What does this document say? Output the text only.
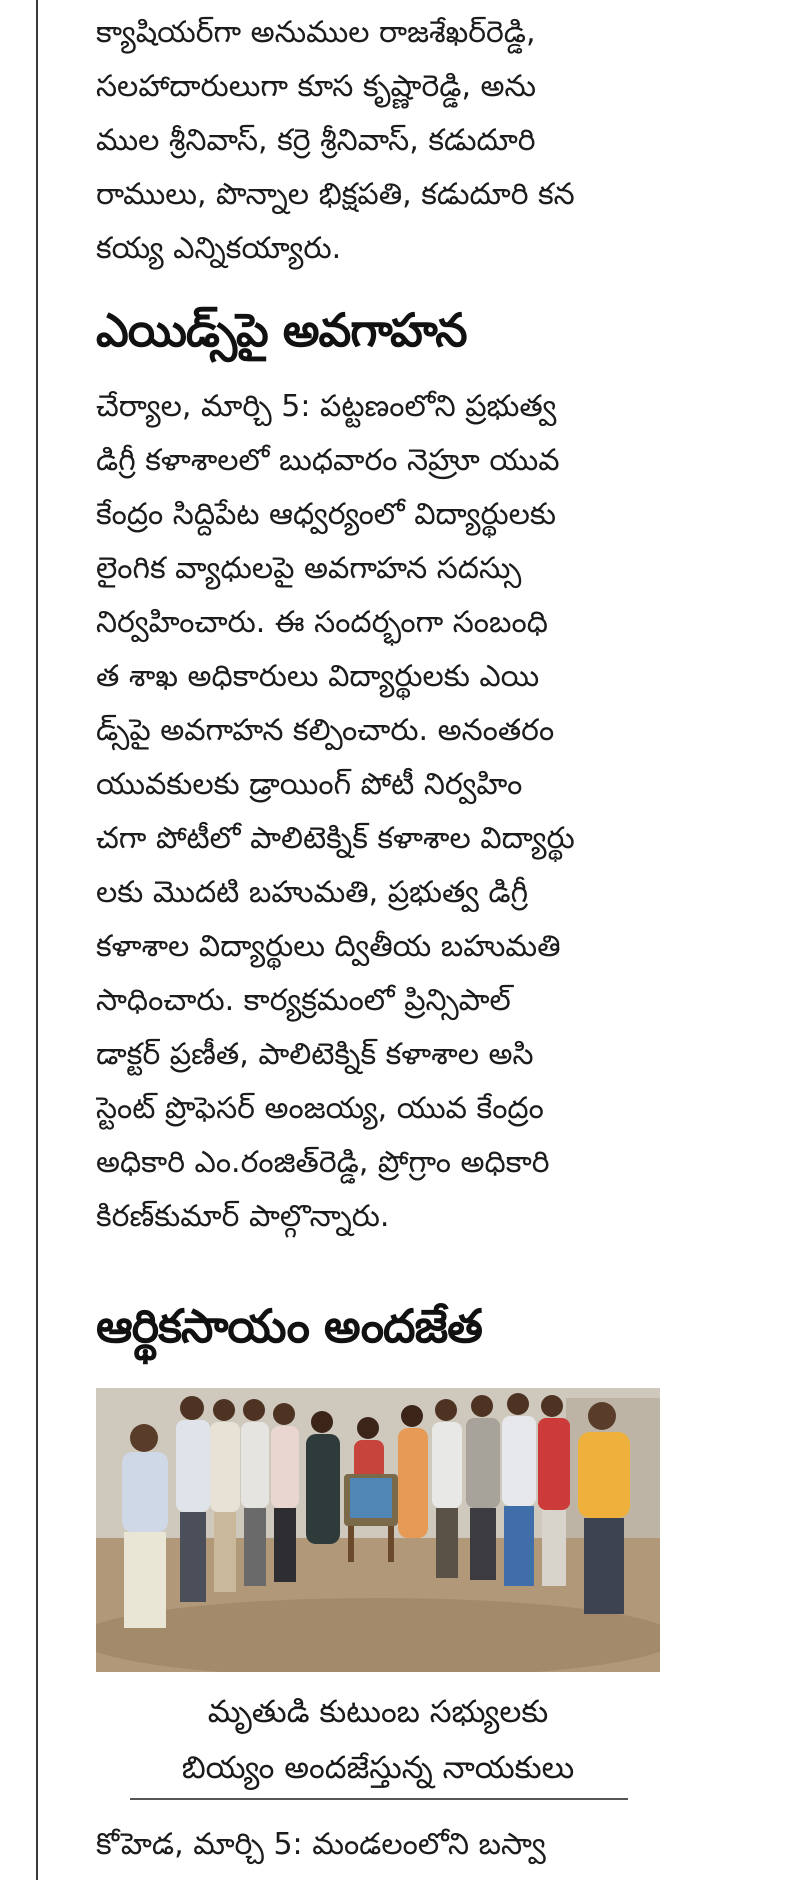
క్యాషియర్‌గా అనుముల రాజశేఖర్‌రెడ్డి,
సలహాదారులుగా కూస కృష్ణారెడ్డి, అను
ముల శ్రీనివాస్, కర్రె శ్రీనివాస్, కడుదూరి
రాములు, పొన్నాల భిక్షపతి, కడుదూరి కన
కయ్య ఎన్నికయ్యారు.

ఎయిడ్స్‌పై అవగాహన

చేర్యాల, మార్చి 5: పట్టణంలోని ప్రభుత్వ
డిగ్రీ కళాశాలలో బుధవారం నెహ్రూ యువ
కేంద్రం సిద్దిపేట ఆధ్వర్యంలో విద్యార్థులకు
లైంగిక వ్యాధులపై అవగాహన సదస్సు
నిర్వహించారు. ఈ సందర్భంగా సంబంధి
త శాఖ అధికారులు విద్యార్థులకు ఎయి
డ్స్‌పై అవగాహన కల్పించారు. అనంతరం
యువకులకు డ్రాయింగ్ పోటీ నిర్వహిం
చగా పోటీలో పాలిటెక్నిక్ కళాశాల విద్యార్థు
లకు మొదటి బహుమతి, ప్రభుత్వ డిగ్రీ
కళాశాల విద్యార్థులు ద్వితీయ బహుమతి
సాధించారు. కార్యక్రమంలో ప్రిన్సిపాల్
డాక్టర్ ప్రణీత, పాలిటెక్నిక్ కళాశాల అసి
స్టెంట్ ప్రొఫెసర్ అంజయ్య, యువ కేంద్రం
అధికారి ఎం.రంజిత్‌రెడ్డి, ప్రోగ్రాం అధికారి
కిరణ్‌కుమార్ పాల్గొన్నారు.

ఆర్థికసాయం అందజేత
మృతుడి కుటుంబ సభ్యులకు
బియ్యం అందజేస్తున్న నాయకులు

కోహెడ, మార్చి 5: మండలంలోని బస్వా
